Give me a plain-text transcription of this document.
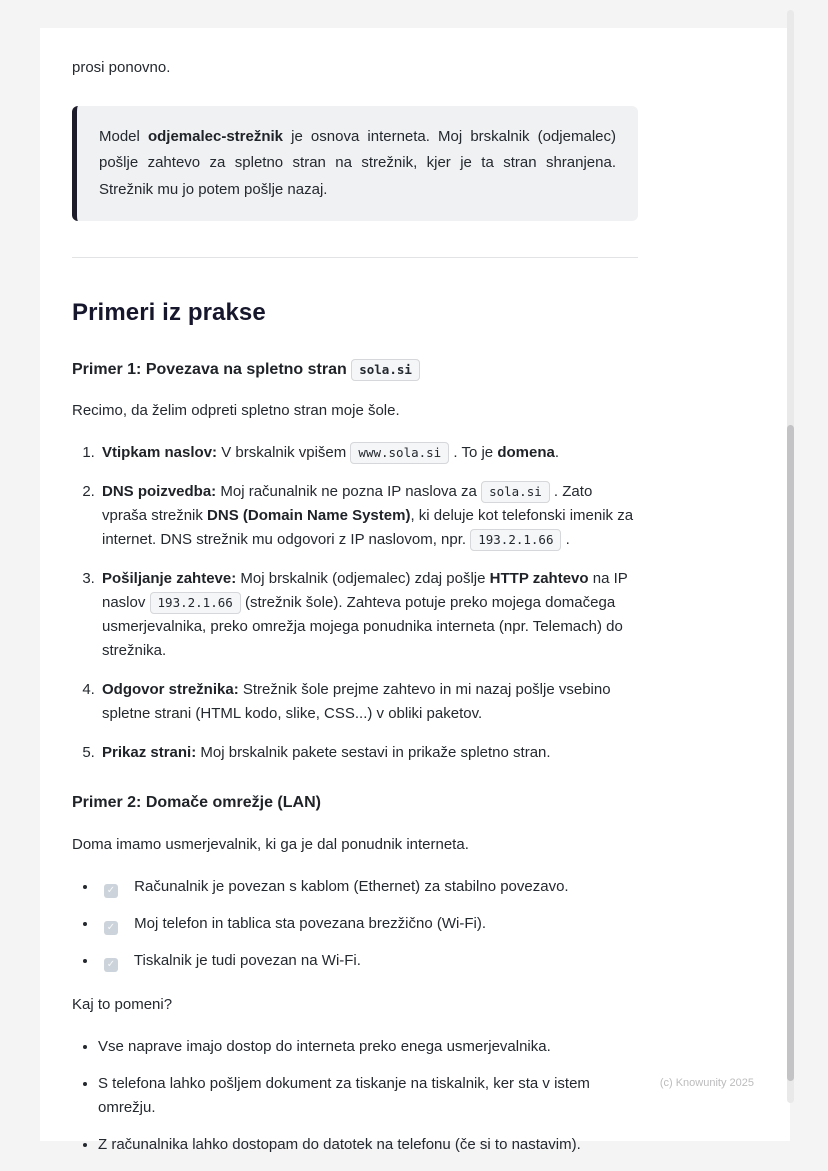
prosi ponovno.

Model odjemalec-strežnik je osnova interneta. Moj brskalnik (odjemalec) pošlje zahtevo za spletno stran na strežnik, kjer je ta stran shranjena. Strežnik mu jo potem pošlje nazaj.
Primeri iz prakse
Primer 1: Povezava na spletno stran sola.si

Recimo, da želim odpreti spletno stran moje šole.

1. Vtipkam naslov: V brskalnik vpišem www.sola.si . To je domena.
2. DNS poizvedba: Moj računalnik ne pozna IP naslova za sola.si . Zato vpraša strežnik DNS (Domain Name System), ki deluje kot telefonski imenik za internet. DNS strežnik mu odgovori z IP naslovom, npr. 193.2.1.66 .
3. Pošiljanje zahteve: Moj brskalnik (odjemalec) zdaj pošlje HTTP zahtevo na IP naslov 193.2.1.66 (strežnik šole). Zahteva potuje preko mojega domačega usmerjevalnika, preko omrežja mojega ponudnika interneta (npr. Telemach) do strežnika.
4. Odgovor strežnika: Strežnik šole prejme zahtevo in mi nazaj pošlje vsebino spletne strani (HTML kodo, slike, CSS...) v obliki paketov.
5. Prikaz strani: Moj brskalnik pakete sestavi in prikaže spletno stran.
Primer 2: Domače omrežje (LAN)

Doma imamo usmerjevalnik, ki ga je dal ponudnik interneta.

• ✓ Računalnik je povezan s kablom (Ethernet) za stabilno povezavo.
• ✓ Moj telefon in tablica sta povezana brezžično (Wi-Fi).
• ✓ Tiskalnik je tudi povezan na Wi-Fi.

Kaj to pomeni?

• Vse naprave imajo dostop do interneta preko enega usmerjevalnika.
• S telefona lahko pošljem dokument za tiskanje na tiskalnik, ker sta v istem omrežju.
• Z računalnika lahko dostopam do datotek na telefonu (če si to nastavim).
(c) Knowunity 2025
